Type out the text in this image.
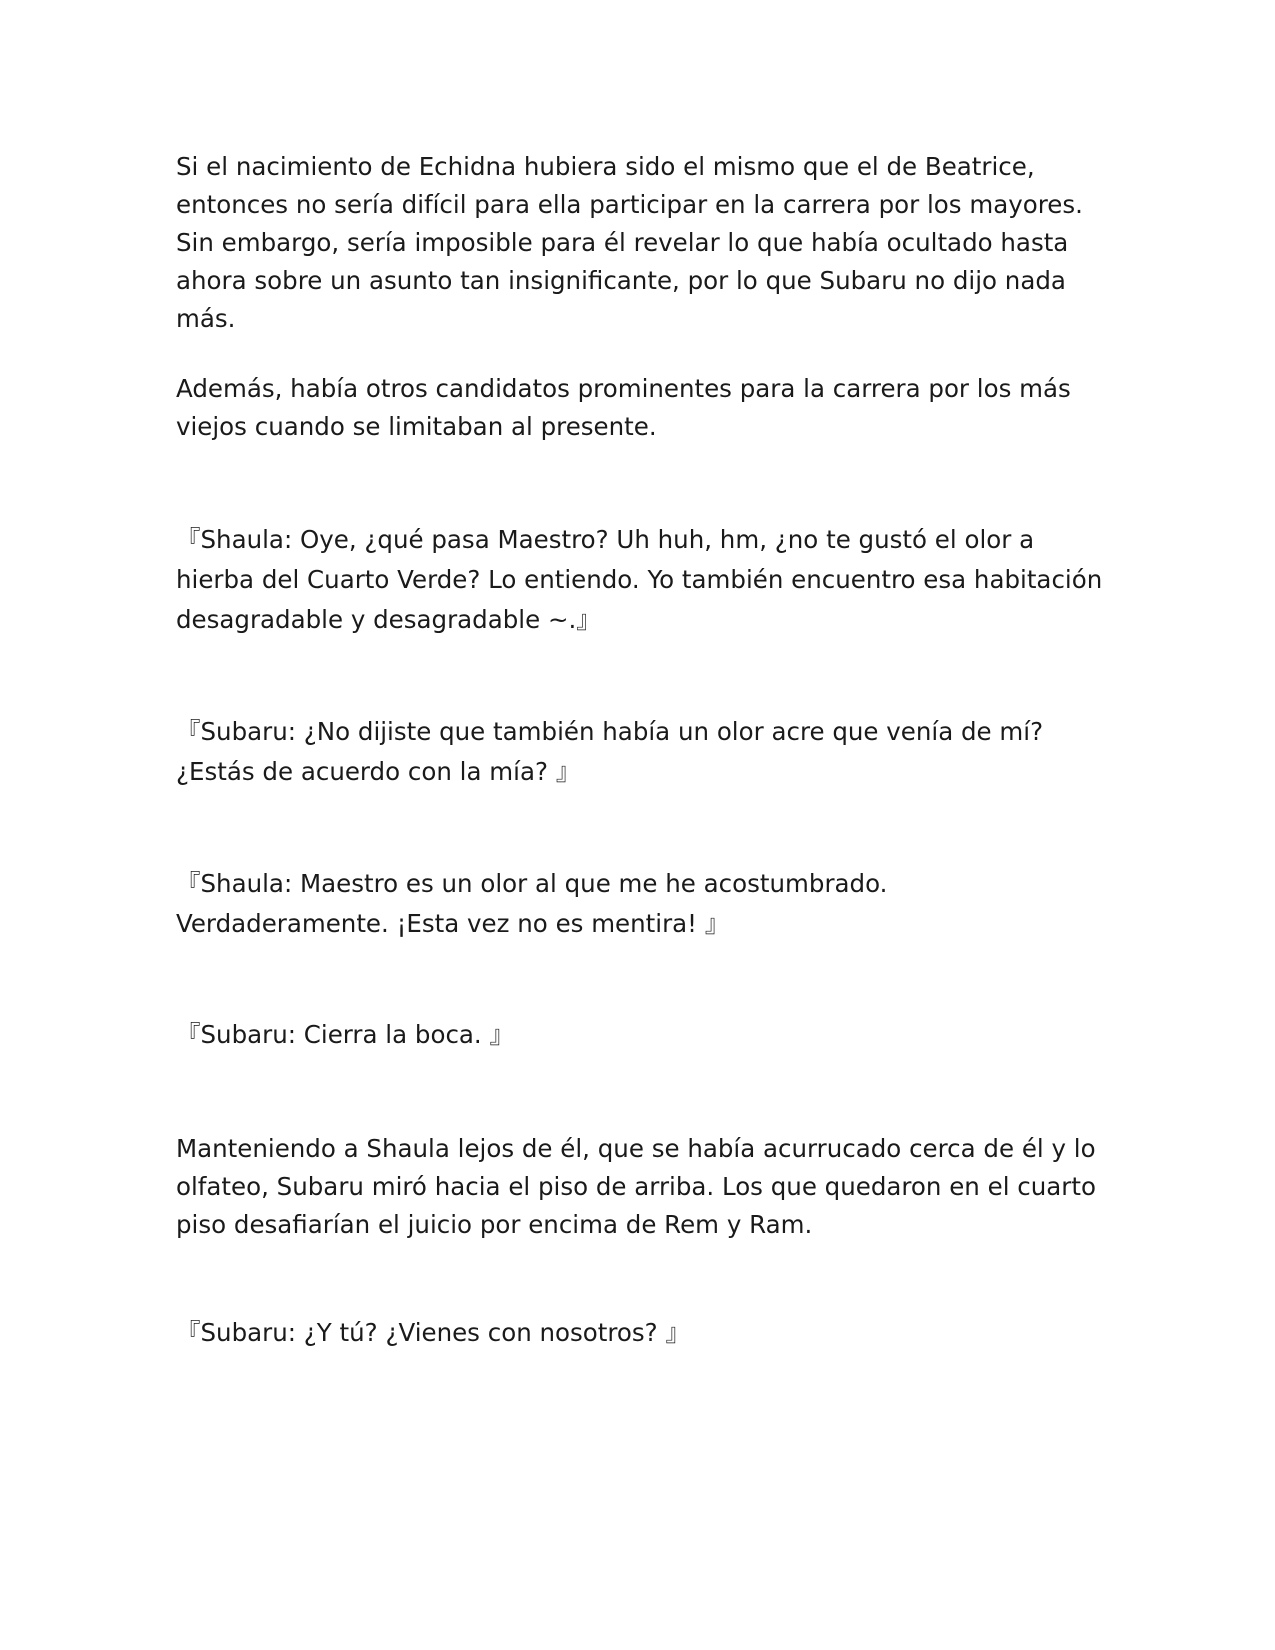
Si el nacimiento de Echidna hubiera sido el mismo que el de Beatrice, entonces no sería difícil para ella participar en la carrera por los mayores. Sin embargo, sería imposible para él revelar lo que había ocultado hasta ahora sobre un asunto tan insignificante, por lo que Subaru no dijo nada más.

Además, había otros candidatos prominentes para la carrera por los más viejos cuando se limitaban al presente.

『Shaula: Oye, ¿qué pasa Maestro? Uh huh, hm, ¿no te gustó el olor a hierba del Cuarto Verde? Lo entiendo. Yo también encuentro esa habitación desagradable y desagradable ~.』

『Subaru: ¿No dijiste que también había un olor acre que venía de mí? ¿Estás de acuerdo con la mía? 』

『Shaula: Maestro es un olor al que me he acostumbrado. Verdaderamente. ¡Esta vez no es mentira! 』

『Subaru: Cierra la boca. 』

Manteniendo a Shaula lejos de él, que se había acurrucado cerca de él y lo olfateo, Subaru miró hacia el piso de arriba. Los que quedaron en el cuarto piso desafiarían el juicio por encima de Rem y Ram.

『Subaru: ¿Y tú? ¿Vienes con nosotros? 』
